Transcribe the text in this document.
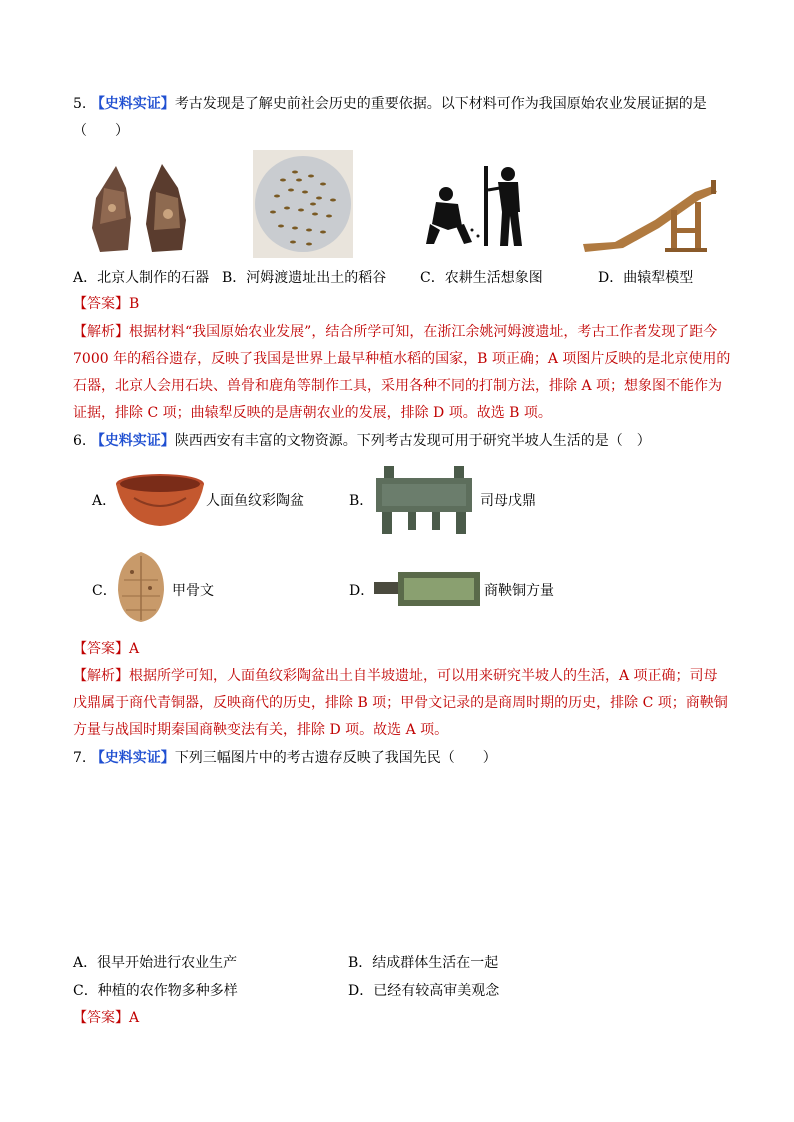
5. 【史料实证】考古发现是了解史前社会历史的重要依据。以下材料可作为我国原始农业发展证据的是
（　　）
A．北京人制作的石器 B．河姆渡遗址出土的稻谷 C．农耕生活想象图	D．曲辕犁模型
【答案】B
【解析】根据材料“我国原始农业发展”，结合所学可知，在浙江余姚河姆渡遗址，考古工作者发现了距今
7000 年的稻谷遗存，反映了我国是世界上最早种植水稻的国家，B 项正确；A 项图片反映的是北京使用的
石器，北京人会用石块、兽骨和鹿角等制作工具，采用各种不同的打制方法，排除 A 项；想象图不能作为
证据，排除 C 项；曲辕犁反映的是唐朝农业的发展，排除 D 项。故选 B 项。
6. 【史料实证】陕西西安有丰富的文物资源。下列考古发现可用于研究半坡人生活的是（　）
A．	人面鱼纹彩陶盆	B．	司母戊鼎
C．	甲骨文	D．	商鞅铜方量
【答案】A
【解析】根据所学可知，人面鱼纹彩陶盆出土自半坡遗址，可以用来研究半坡人的生活，A 项正确；司母
戊鼎属于商代青铜器，反映商代的历史，排除 B 项；甲骨文记录的是商周时期的历史，排除 C 项；商鞅铜
方量与战国时期秦国商鞅变法有关，排除 D 项。故选 A 项。
7. 【史料实证】下列三幅图片中的考古遗存反映了我国先民（　　）
A．很早开始进行农业生产	B．结成群体生活在一起
C．种植的农作物多种多样	D．已经有较高审美观念
【答案】A
